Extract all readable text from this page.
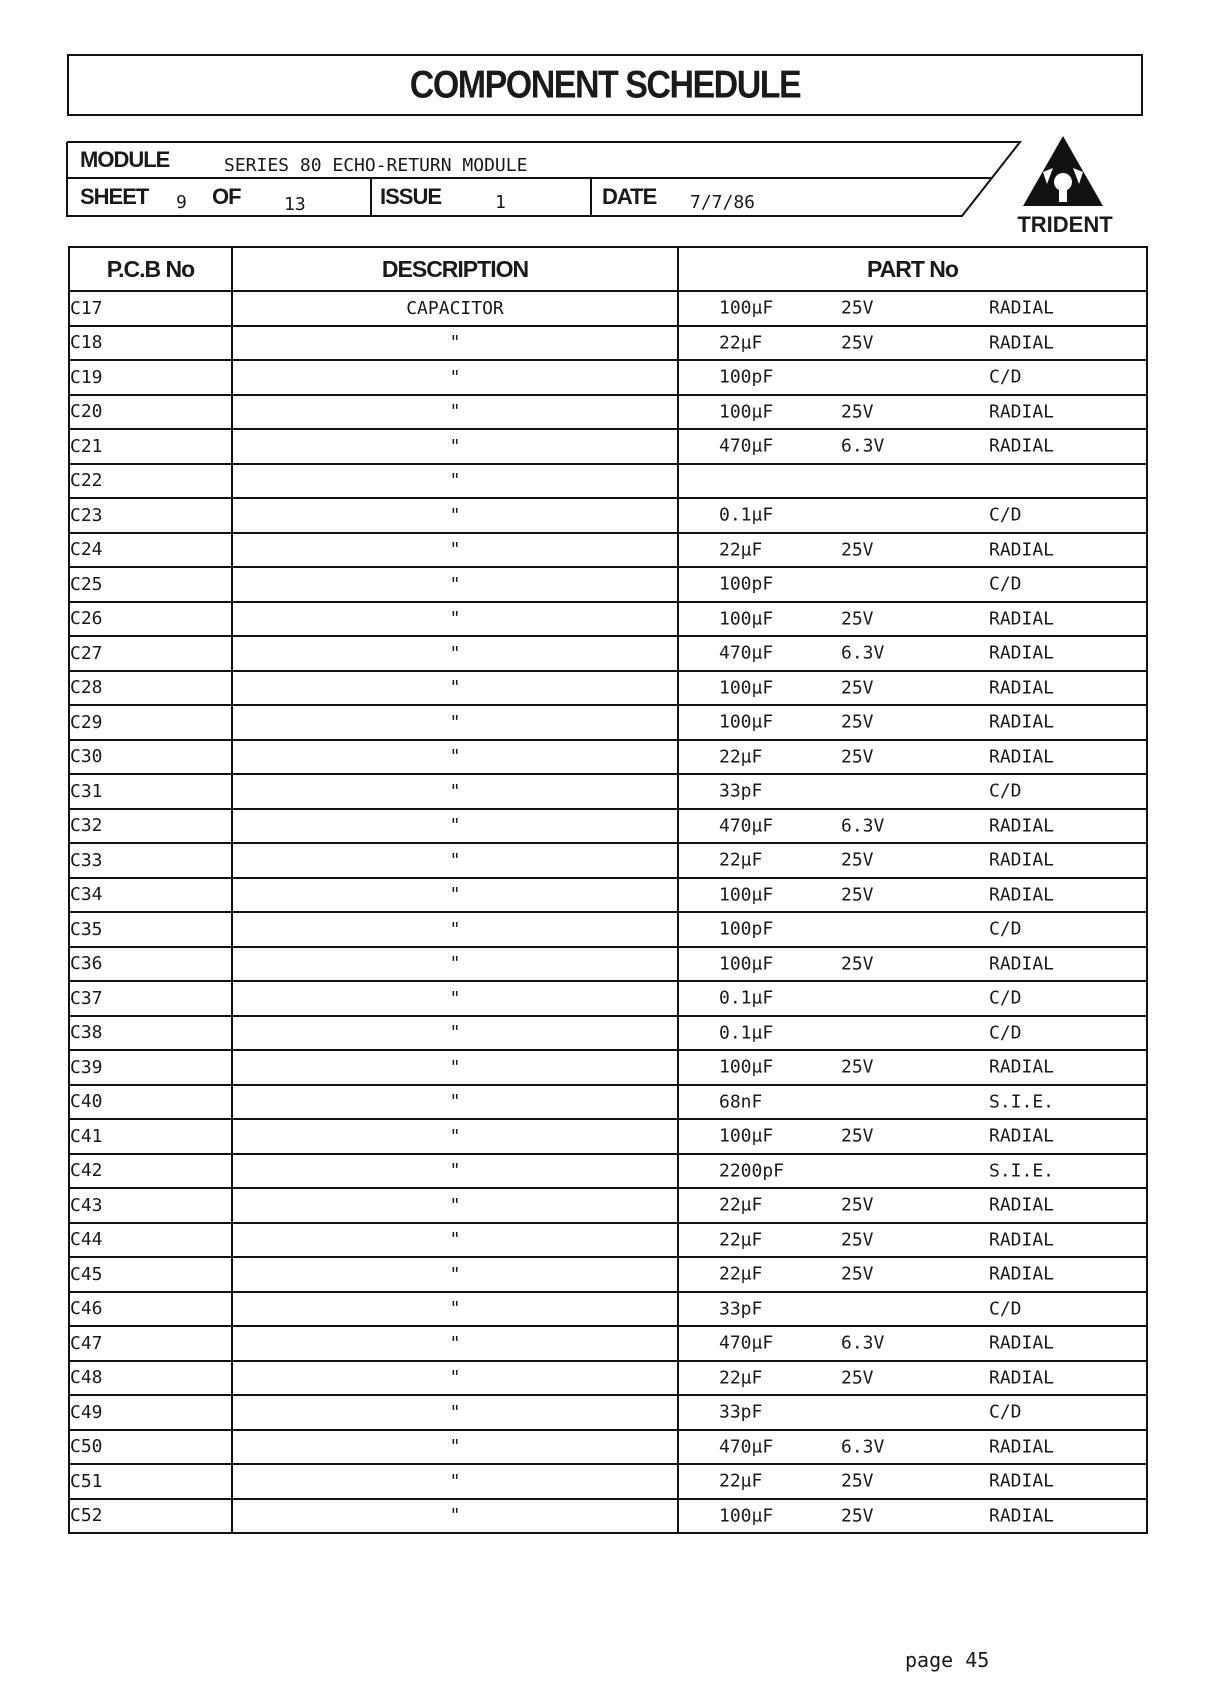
COMPONENT SCHEDULE
MODULE	SERIES 80 ECHO-RETURN MODULE
SHEET 9 OF 13	ISSUE	1	DATE 7/7/86
TRIDENT
P.C.B No	DESCRIPTION	PART No
C17	CAPACITOR	100µF 25V RADIAL

C18	"	22µF 25V RADIAL

C19	"	100pF C/D

C20	"	100µF 25V RADIAL

C21	"	470µF 6.3V RADIAL

C22	"	

C23	"	0.1µF C/D

C24	"	22µF 25V RADIAL

C25	"	100pF C/D

C26	"	100µF 25V RADIAL

C27	"	470µF 6.3V RADIAL

C28	"	100µF 25V RADIAL

C29	"	100µF 25V RADIAL

C30	"	22µF 25V RADIAL

C31	"	33pF C/D

C32	"	470µF 6.3V RADIAL

C33	"	22µF 25V RADIAL

C34	"	100µF 25V RADIAL

C35	"	100pF C/D

C36	"	100µF 25V RADIAL

C37	"	0.1µF C/D

C38	"	0.1µF C/D

C39	"	100µF 25V RADIAL

C40	"	68nF S.I.E.

C41	"	100µF 25V RADIAL

C42	"	2200pF S.I.E.

C43	"	22µF 25V RADIAL

C44	"	22µF 25V RADIAL

C45	"	22µF 25V RADIAL

C46	"	33pF C/D

C47	"	470µF 6.3V RADIAL

C48	"	22µF 25V RADIAL

C49	"	33pF C/D

C50	"	470µF 6.3V RADIAL

C51	"	22µF 25V RADIAL

C52	"	100µF 25V RADIAL
page 45
